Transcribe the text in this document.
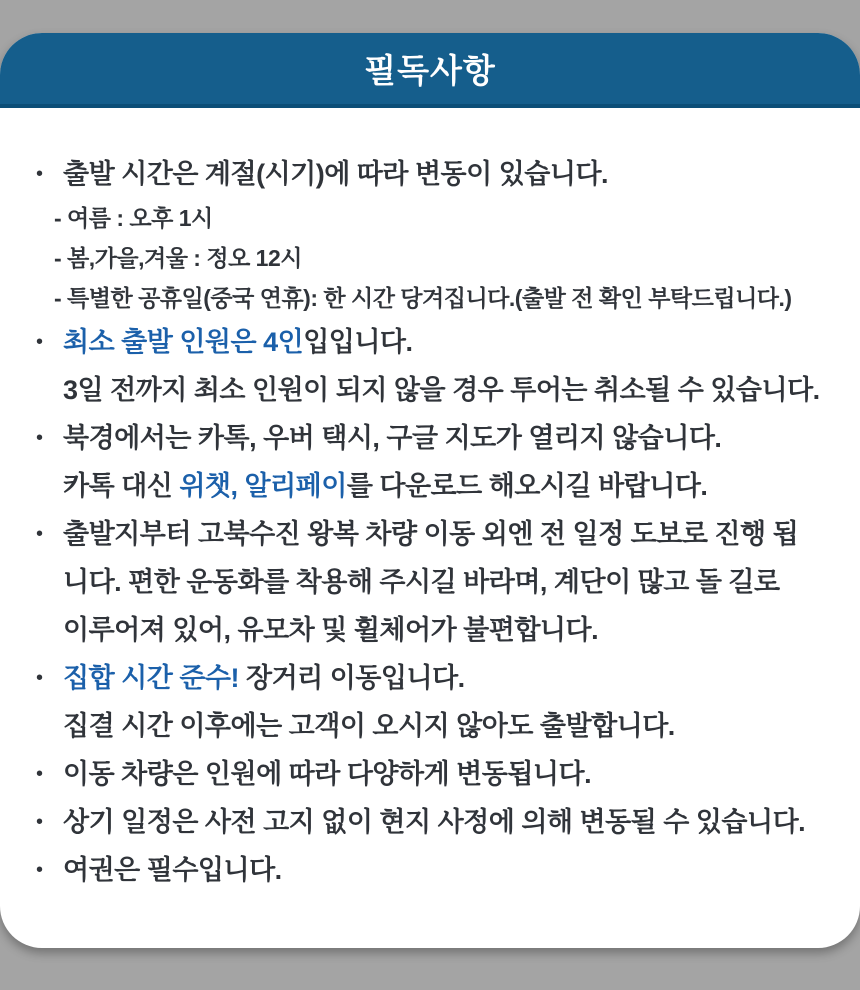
필독사항
• 출발 시간은 계절(시기)에 따라 변동이 있습니다.

- 여름 : 오후 1시

- 봄,가을,겨울 : 정오 12시

- 특별한 공휴일(중국 연휴): 한 시간 당겨집니다.(출발 전 확인 부탁드립니다.)

• 최소 출발 인원은 4인입입니다.

3일 전까지 최소 인원이 되지 않을 경우 투어는 취소될 수 있습니다.

• 북경에서는 카톡, 우버 택시, 구글 지도가 열리지 않습니다.

카톡 대신 위챗, 알리페이를 다운로드 해오시길 바랍니다.

• 출발지부터 고북수진 왕복 차량 이동 외엔 전 일정 도보로 진행 됩

니다. 편한 운동화를 착용해 주시길 바라며, 계단이 많고 돌 길로

이루어져 있어, 유모차 및 휠체어가 불편합니다.

• 집합 시간 준수! 장거리 이동입니다.

집결 시간 이후에는 고객이 오시지 않아도 출발합니다.

• 이동 차량은 인원에 따라 다양하게 변동됩니다.

• 상기 일정은 사전 고지 없이 현지 사정에 의해 변동될 수 있습니다.

• 여권은 필수입니다.
